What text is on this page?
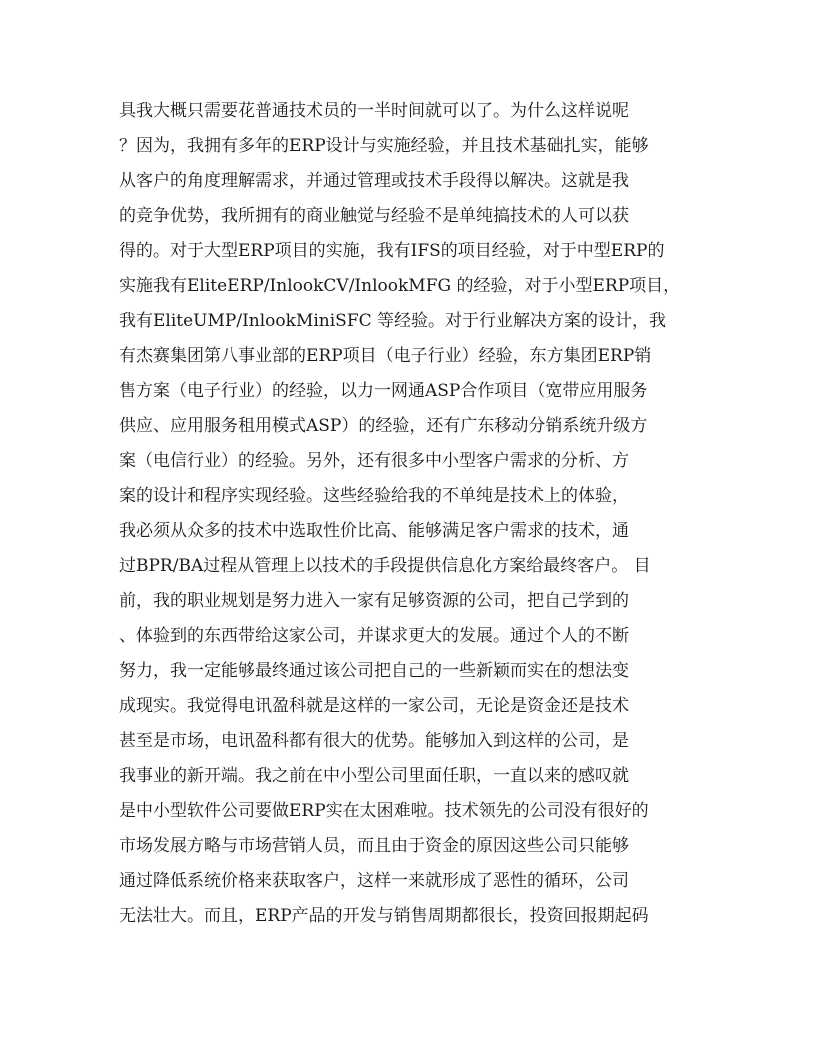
具我大概只需要花普通技术员的一半时间就可以了。为什么这样说呢
？因为，我拥有多年的ERP设计与实施经验，并且技术基础扎实，能够
从客户的角度理解需求，并通过管理或技术手段得以解决。这就是我
的竞争优势，我所拥有的商业触觉与经验不是单纯搞技术的人可以获
得的。对于大型ERP项目的实施，我有IFS的项目经验，对于中型ERP的
实施我有EliteERP/InlookCV/InlookMFG 的经验，对于小型ERP项目，
我有EliteUMP/InlookMiniSFC 等经验。对于行业解决方案的设计，我
有杰赛集团第八事业部的ERP项目（电子行业）经验，东方集团ERP销
售方案（电子行业）的经验，以力一网通ASP合作项目（宽带应用服务
供应、应用服务租用模式ASP）的经验，还有广东移动分销系统升级方
案（电信行业）的经验。另外，还有很多中小型客户需求的分析、方
案的设计和程序实现经验。这些经验给我的不单纯是技术上的体验，
我必须从众多的技术中选取性价比高、能够满足客户需求的技术，通
过BPR/BA过程从管理上以技术的手段提供信息化方案给最终客户。 目
前，我的职业规划是努力进入一家有足够资源的公司，把自己学到的
、体验到的东西带给这家公司，并谋求更大的发展。通过个人的不断
努力，我一定能够最终通过该公司把自己的一些新颖而实在的想法变
成现实。我觉得电讯盈科就是这样的一家公司，无论是资金还是技术
甚至是市场，电讯盈科都有很大的优势。能够加入到这样的公司，是
我事业的新开端。我之前在中小型公司里面任职，一直以来的感叹就
是中小型软件公司要做ERP实在太困难啦。技术领先的公司没有很好的
市场发展方略与市场营销人员，而且由于资金的原因这些公司只能够
通过降低系统价格来获取客户，这样一来就形成了恶性的循环，公司
无法壮大。而且，ERP产品的开发与销售周期都很长，投资回报期起码
